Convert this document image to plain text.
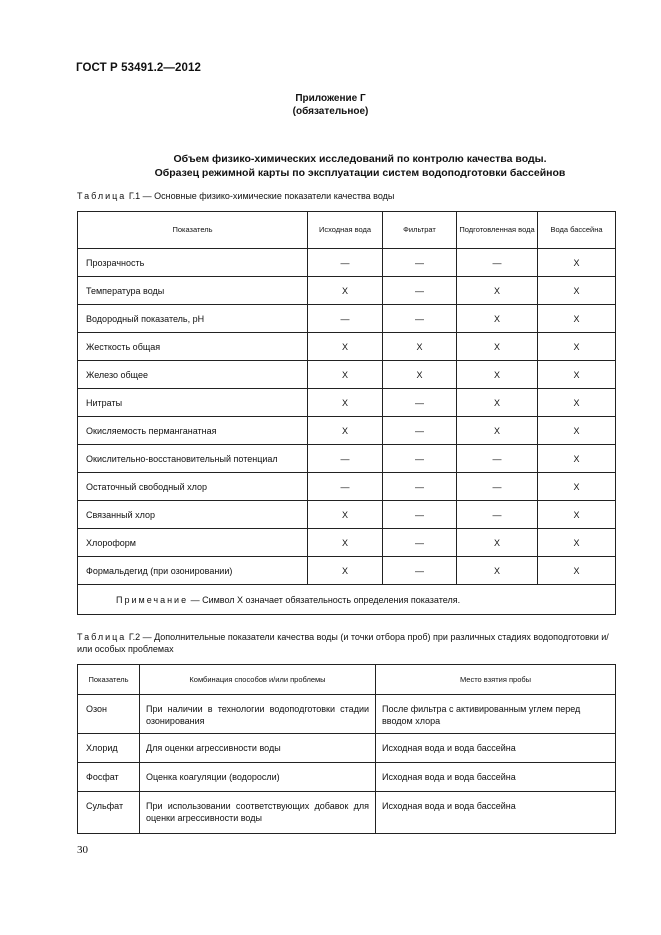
ГОСТ Р 53491.2—2012
Приложение Г
(обязательное)
Объем физико-химических исследований по контролю качества воды.
Образец режимной карты по эксплуатации систем водоподготовки бассейнов
Таблица Г.1 — Основные физико-химические показатели качества воды
Показатель	Исходная вода	Фильтрат	Подготовленная вода	Вода бассейна
Прозрачность	—	—	—	X
Температура воды	X	—	X	X
Водородный показатель, рН	—	—	X	X
Жесткость общая	X	X	X	X
Железо общее	X	X	X	X
Нитраты	X	—	X	X
Окисляемость перманганатная	X	—	X	X
Окислительно-восстановительный потенциал	—	—	—	X
Остаточный свободный хлор	—	—	—	X
Связанный хлор	X	—	—	X
Хлороформ	X	—	X	X
Формальдегид (при озонировании)	X	—	X	X
Примечание — Символ X означает обязательность определения показателя.				
Таблица Г.2 — Дополнительные показатели качества воды (и точки отбора проб) при различных стадиях водоподготовки и/или особых проблемах
Показатель	Комбинация способов и/или проблемы	Место взятия пробы
Озон	При наличии в технологии водоподготовки стадии озонирования	После фильтра с активированным углем перед вводом хлора
Хлорид	Для оценки агрессивности воды	Исходная вода и вода бассейна
Фосфат	Оценка коагуляции (водоросли)	Исходная вода и вода бассейна
Сульфат	При использовании соответствующих добавок для оценки агрессивности воды	Исходная вода и вода бассейна
30
